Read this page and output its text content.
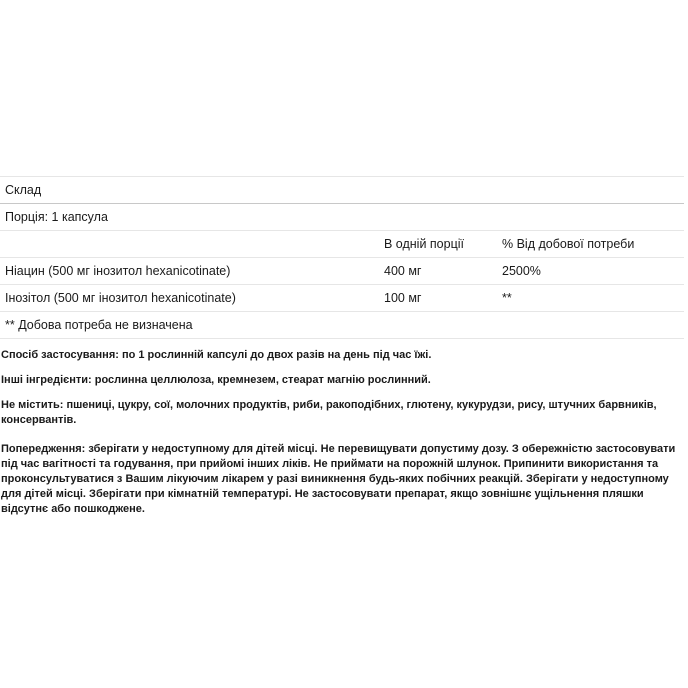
Склад		
Порція: 1 капсула		
	В одній порції	% Від добової потреби
Ніацин (500 мг інозитол hexanicotinate)	400 мг	2500%
Інозітол (500 мг інозитол hexanicotinate)	100 мг	**
** Добова потреба не визначена		

Спосіб застосування: по 1 рослинній капсулі до двох разів на день під час їжі.

Інші інгредієнти: рослинна целлюлоза, кремнезем, стеарат магнію рослинний.

Не містить: пшениці, цукру, сої, молочних продуктів, риби, ракоподібних, глютену, кукурудзи, рису, штучних барвників, консервантів.

Попередження: зберігати у недоступному для дітей місці. Не перевищувати допустиму дозу. З обережністю застосовувати під час вагітності та годування, при прийомі інших ліків. Не приймати на порожній шлунок. Припинити використання та проконсультуватися з Вашим лікуючим лікарем у разі виникнення будь-яких побічних реакцій. Зберігати у недоступному для дітей місці. Зберігати при кімнатній температурі. Не застосовувати препарат, якщо зовнішнє ущільнення пляшки відсутнє або пошкоджене.
